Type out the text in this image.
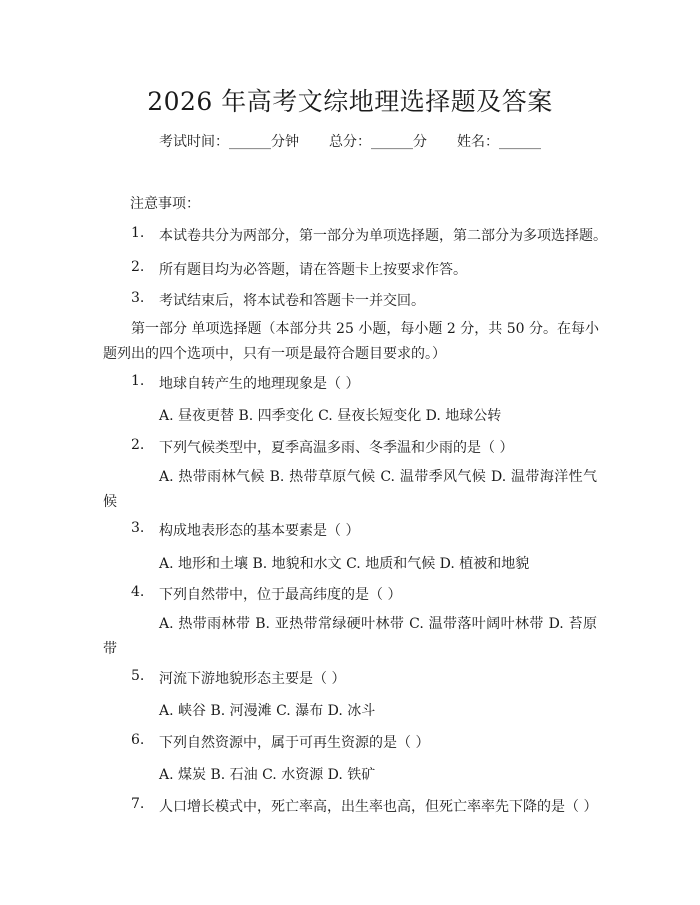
2026 年高考文综地理选择题及答案
考试时间：______分钟 总分：______分 姓名：______
注意事项：
1. 本试卷共分为两部分，第一部分为单项选择题，第二部分为多项选择题。
2. 所有题目均为必答题，请在答题卡上按要求作答。
3. 考试结束后，将本试卷和答题卡一并交回。
第一部分 单项选择题（本部分共 25 小题，每小题 2 分，共 50 分。在每小题列出的四个选项中，只有一项是最符合题目要求的。）
1. 地球自转产生的地理现象是（ ）
A. 昼夜更替 B. 四季变化 C. 昼夜长短变化 D. 地球公转
2. 下列气候类型中，夏季高温多雨、冬季温和少雨的是（ ）
A. 热带雨林气候 B. 热带草原气候 C. 温带季风气候 D. 温带海洋性气候
3. 构成地表形态的基本要素是（ ）
A. 地形和土壤 B. 地貌和水文 C. 地质和气候 D. 植被和地貌
4. 下列自然带中，位于最高纬度的是（ ）
A. 热带雨林带 B. 亚热带常绿硬叶林带 C. 温带落叶阔叶林带 D. 苔原带
5. 河流下游地貌形态主要是（ ）
A. 峡谷 B. 河漫滩 C. 瀑布 D. 冰斗
6. 下列自然资源中，属于可再生资源的是（ ）
A. 煤炭 B. 石油 C. 水资源 D. 铁矿
7. 人口增长模式中，死亡率高，出生率也高，但死亡率率先下降的是（ ）
